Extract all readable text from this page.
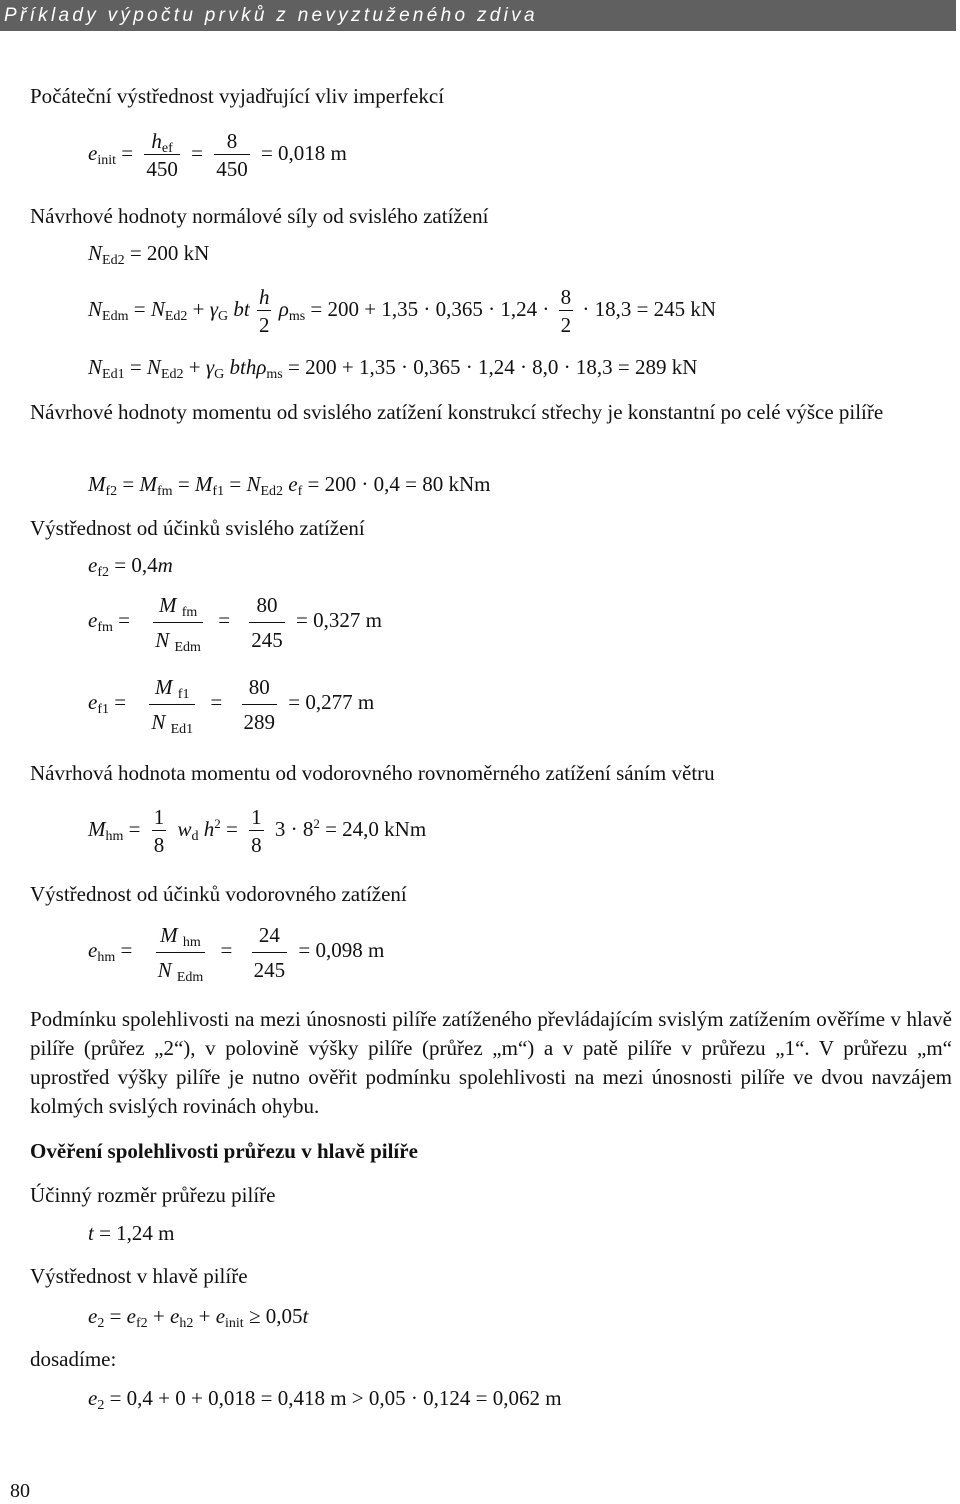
Příklady výpočtu prvků z nevyztuženého zdiva
Počáteční výstřednost vyjadřující vliv imperfekcí
$e_{init} = \frac{h_{ef}}{450} = \frac{8}{450} = 0,018$ m
Návrhové hodnoty normálové síly od svislého zatížení
$N_{Ed2} = 200$ kN
$N_{Edm} = N_{Ed2} + \gamma_G$ bt $\frac{h}{2} \rho_{ms} = 200 + 1,35 \cdot 0,365 \cdot 1,24 \cdot \frac{8}{2} \cdot 18,3 = 245$ kN
$N_{Ed1} = N_{Ed2} + \gamma_G$ bthρ$_{ms}$ = 200 + 1,35 · 0,365 · 1,24 · 8,0 · 18,3 = 289 kN
Návrhové hodnoty momentu od svislého zatížení konstrukcí střechy je konstantní po celé výšce pilíře
$M_{f2} = M_{fm} = M_{f1} = N_{Ed2}$ $e_f = 200 \cdot 0,4 = 80$ kNm
Výstřednost od účinků svislého zatížení
$e_{f2} = 0,4m$
$e_{fm} = \frac{M _{fm}}{N _{Edm}} = \frac{80}{245} = 0,327$ m
$e_{f1} = \frac{M _{f1}}{N _{Ed1}} = \frac{80}{289} = 0,277$ m
Návrhová hodnota momentu od vodorovného rovnoměrného zatížení sáním větru
$M_{hm} = \frac{1}{8} w_d$ $h^2 = \frac{1}{8} 3 \cdot 8^2 = 24,0$ kNm
Výstřednost od účinků vodorovného zatížení
$e_{hm} = \frac{M _{hm}}{N _{Edm}} = \frac{24}{245} = 0,098$ m
Podmínku spolehlivosti na mezi únosnosti pilíře zatíženého převládajícím svislým zatížením ověříme v hlavě pilíře (průřez „2“), v polovině výšky pilíře (průřez „m“) a v patě pilíře v průřezu „1“. V průřezu „m“ uprostřed výšky pilíře je nutno ověřit podmínku spolehlivosti na mezi únosnosti pilíře ve dvou navzájem kolmých svislých rovinách ohybu.
Ověření spolehlivosti průřezu v hlavě pilíře
Účinný rozměr průřezu pilíře
t = 1,24 m
Výstřednost v hlavě pilíře
$e_2 = e_{f2} + e_{h2} + e_{init} \ge 0,05t$
dosadíme:
$e_2 = 0,4 + 0 + 0,018 = 0,418$ m > 0,05 · 0,124 = 0,062 m
80
